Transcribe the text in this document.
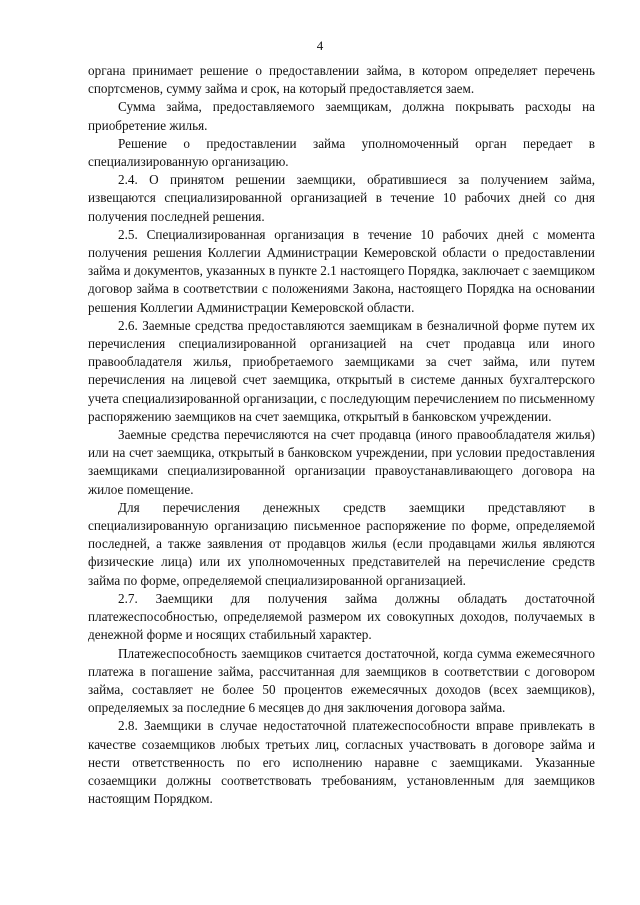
4

органа принимает решение о предоставлении займа, в котором определяет перечень спортсменов, сумму займа и срок, на который предоставляется заем.

Сумма займа, предоставляемого заемщикам, должна покрывать расходы на приобретение жилья.

Решение о предоставлении займа уполномоченный орган передает в специализированную организацию.

2.4. О принятом решении заемщики, обратившиеся за получением займа, извещаются специализированной организацией в течение 10 рабочих дней со дня получения последней решения.

2.5. Специализированная организация в течение 10 рабочих дней с момента получения решения Коллегии Администрации Кемеровской области о предоставлении займа и документов, указанных в пункте 2.1 настоящего Порядка, заключает с заемщиком договор займа в соответствии с положениями Закона, настоящего Порядка на основании решения Коллегии Администрации Кемеровской области.

2.6. Заемные средства предоставляются заемщикам в безналичной форме путем их перечисления специализированной организацией на счет продавца или иного правообладателя жилья, приобретаемого заемщиками за счет займа, или путем перечисления на лицевой счет заемщика, открытый в системе данных бухгалтерского учета специализированной организации, с последующим перечислением по письменному распоряжению заемщиков на счет заемщика, открытый в банковском учреждении.

Заемные средства перечисляются на счет продавца (иного правообладателя жилья) или на счет заемщика, открытый в банковском учреждении, при условии предоставления заемщиками специализированной организации правоустанавливающего договора на жилое помещение.

Для перечисления денежных средств заемщики представляют в специализированную организацию письменное распоряжение по форме, определяемой последней, а также заявления от продавцов жилья (если продавцами жилья являются физические лица) или их уполномоченных представителей на перечисление средств займа по форме, определяемой специализированной организацией.

2.7. Заемщики для получения займа должны обладать достаточной платежеспособностью, определяемой размером их совокупных доходов, получаемых в денежной форме и носящих стабильный характер.

Платежеспособность заемщиков считается достаточной, когда сумма ежемесячного платежа в погашение займа, рассчитанная для заемщиков в соответствии с договором займа, составляет не более 50 процентов ежемесячных доходов (всех заемщиков), определяемых за последние 6 месяцев до дня заключения договора займа.

2.8. Заемщики в случае недостаточной платежеспособности вправе привлекать в качестве созаемщиков любых третьих лиц, согласных участвовать в договоре займа и нести ответственность по его исполнению наравне с заемщиками. Указанные созаемщики должны соответствовать требованиям, установленным для заемщиков настоящим Порядком.
